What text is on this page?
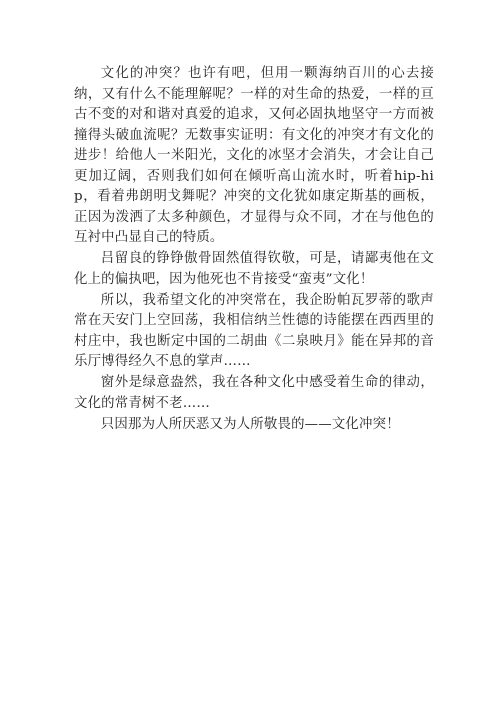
文化的冲突？也许有吧，但用一颗海纳百川的心去接纳，又有什么不能理解呢？一样的对生命的热爱，一样的亘古不变的对和谐对真爱的追求，又何必固执地坚守一方而被撞得头破血流呢？无数事实证明：有文化的冲突才有文化的进步！给他人一米阳光，文化的冰坚才会消失，才会让自己更加辽阔，否则我们如何在倾听高山流水时，听着hip-hip，看着弗朗明戈舞呢？冲突的文化犹如康定斯基的画板，正因为泼洒了太多种颜色，才显得与众不同，才在与他色的互衬中凸显自己的特质。

吕留良的铮铮傲骨固然值得钦敬，可是，请鄙夷他在文化上的偏执吧，因为他死也不肯接受“蛮夷”文化！

所以，我希望文化的冲突常在，我企盼帕瓦罗蒂的歌声常在天安门上空回荡，我相信纳兰性德的诗能摆在西西里的村庄中，我也断定中国的二胡曲《二泉映月》能在异邦的音乐厅博得经久不息的掌声……

窗外是绿意盎然，我在各种文化中感受着生命的律动，文化的常青树不老……

只因那为人所厌恶又为人所敬畏的——文化冲突！
